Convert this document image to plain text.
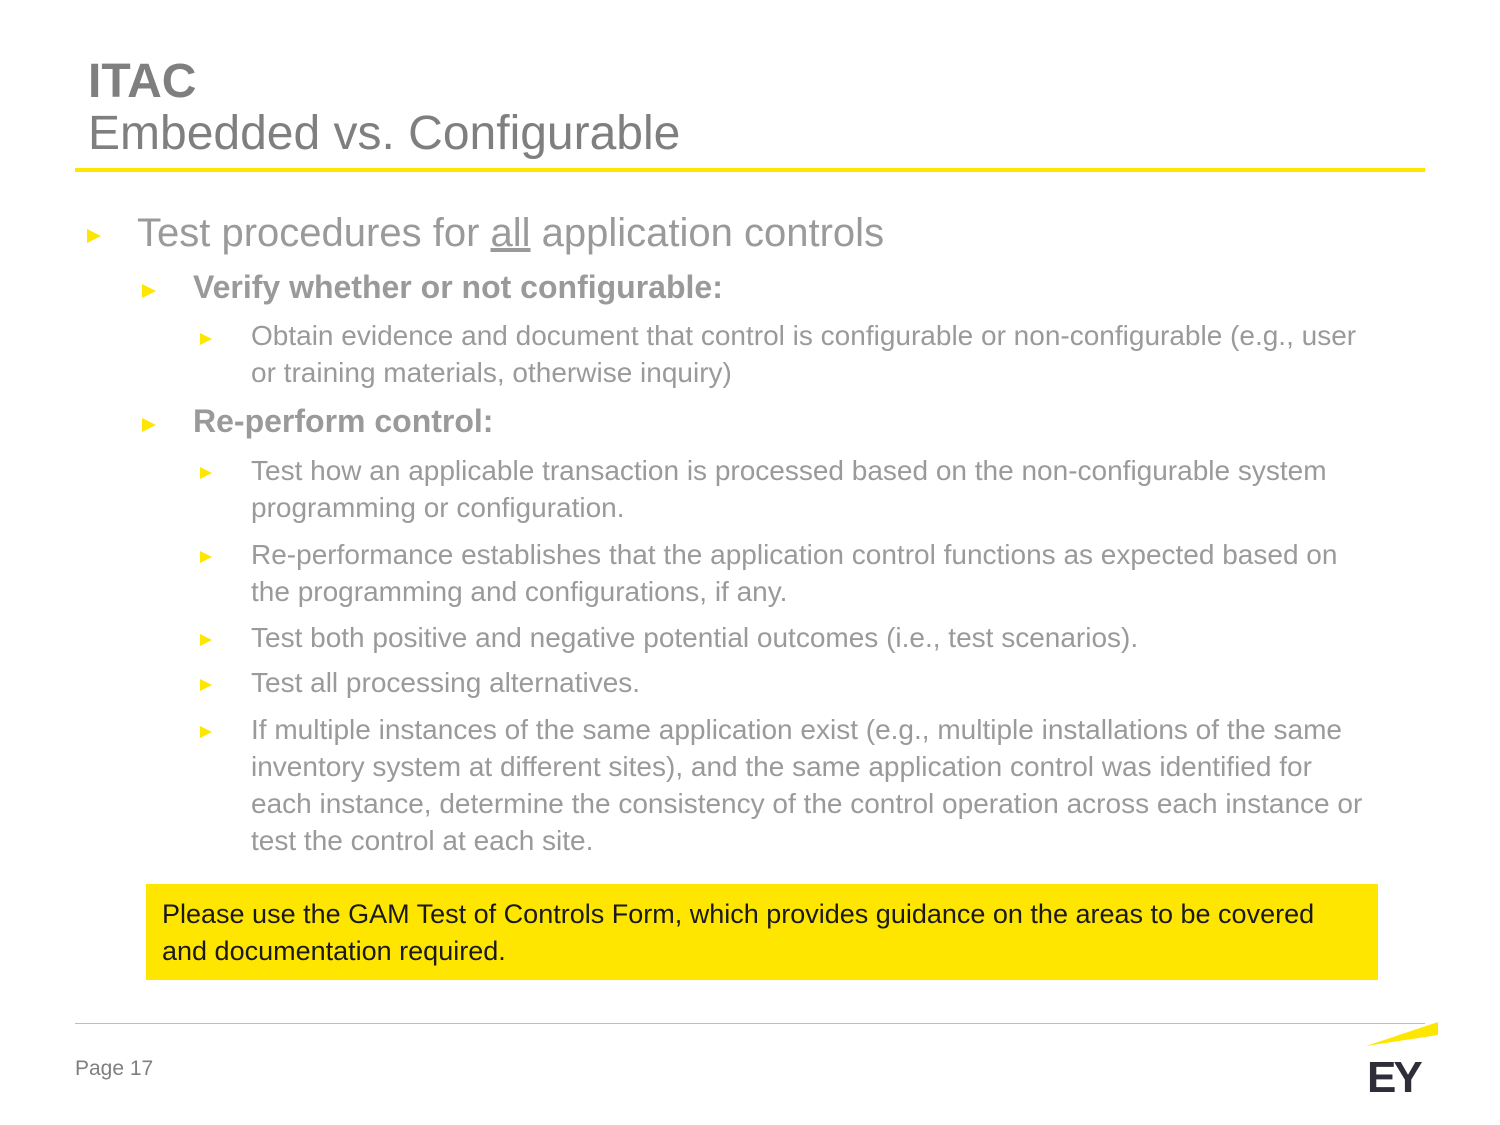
ITAC
Embedded vs. Configurable
Test procedures for all application controls
Verify whether or not configurable:
Obtain evidence and document that control is configurable or non-configurable (e.g., user or training materials, otherwise inquiry)
Re-perform control:
Test how an applicable transaction is processed based on the non-configurable system programming or configuration.
Re-performance establishes that the application control functions as expected based on the programming and configurations, if any.
Test both positive and negative potential outcomes (i.e., test scenarios).
Test all processing alternatives.
If multiple instances of the same application exist (e.g., multiple installations of the same inventory system at different sites), and the same application control was identified for each instance, determine the consistency of the control operation across each instance or test the control at each site.
Please use the GAM Test of Controls Form, which provides guidance on the areas to be covered and documentation required.
Page 17	EY
